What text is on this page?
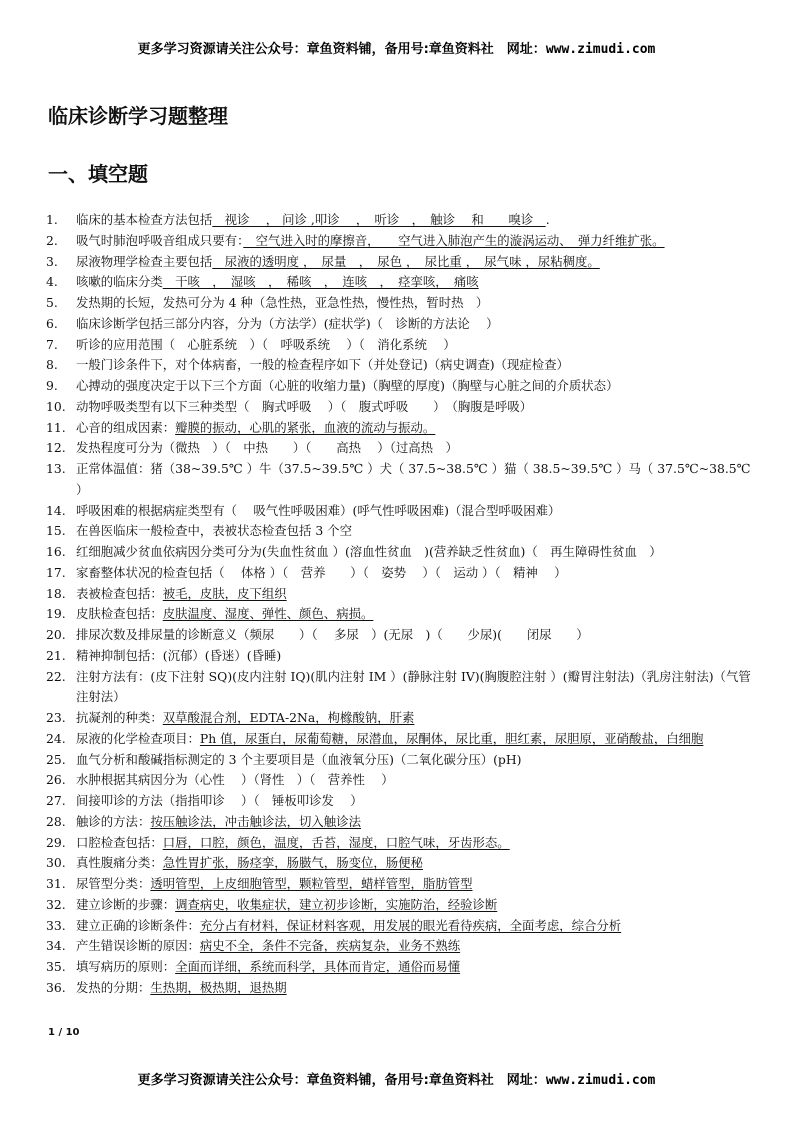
更多学习资源请关注公众号：章鱼资料铺，备用号:章鱼资料社　网址：www.zimudi.com
临床诊断学习题整理
一、填空题
1.	临床的基本检查方法包括　视诊　 ， 问诊 ,叩诊　 ，　听诊　，　触诊　 和　　嗅诊　.
2.	吸气时肺泡呼吸音组成只要有：　空气进入时的摩擦音，　　空气进入肺泡产生的漩涡运动、　弹力纤维扩张。
3.	尿液物理学检查主要包括　尿液的透明度 ，　尿量　，　尿色 ，　尿比重 ，　尿气味 ，尿粘稠度。
4.	咳嗽的临床分类　干咳　，　湿咳　，　稀咳　，　连咳　，　痉挛咳，　痛咳
5.	发热期的长短，发热可分为 4 种（急性热，亚急性热，慢性热，暂时热　）
6.	临床诊断学包括三部分内容，分为（方法学）(症状学)（　诊断的方法论　 ）
7.	听诊的应用范围（　心脏系统　）（　呼吸系统　 ）（　消化系统　 ）
8.	一般门诊条件下，对个体病畜，一般的检查程序如下（并处登记)（病史调查)（现症检查）
9.	心搏动的强度决定于以下三个方面（心脏的收缩力量)（胸壁的厚度)（胸壁与心脏之间的介质状态）
10. 动物呼吸类型有以下三种类型（　胸式呼吸　 ）（　腹式呼吸　　）　（胸腹是呼吸）
11. 心音的组成因素：瓣膜的振动，心肌的紧张，血液的流动与振动。
12. 发热程度可分为（微热　）（　中热　　）（　　高热　 ）（过高热　）
13. 正常体温值：猪（38~39.5℃ ）牛（37.5~39.5℃ ）犬（ 37.5~38.5℃ ）猫（ 38.5~39.5℃ ）马（ 37.5℃~38.5℃　　　）
14. 呼吸困难的根据病症类型有（　 吸气性呼吸困难）(呼气性呼吸困难)（混合型呼吸困难）
15. 在兽医临床一般检查中，表被状态检查包括 3 个空
16. 红细胞减少贫血依病因分类可分为(失血性贫血 ）(溶血性贫血　)(营养缺乏性贫血)（　再生障碍性贫血　）
17. 家畜整体状况的检查包括（　 体格 ）（　营养　　）（　姿势　 ）（　运动 ）（　精神　 ）
18. 表被检查包括：被毛，皮肤，皮下组织
19. 皮肤检查包括：皮肤温度、湿度、弹性、颜色、病损。
20. 排尿次数及排尿量的诊断意义（频尿　　）（　 多尿　）(无尿　)（　　少尿)(　　闭尿　　）
21. 精神抑制包括：(沉郁）(昏迷）(昏睡)
22. 注射方法有：(皮下注射 SQ)(皮内注射 IQ)(肌内注射 IM ）(静脉注射 IV)(胸腹腔注射 ）(瓣胃注射法)（乳房注射法)（气管注射法）
23. 抗凝剂的种类：双草酸混合剂，EDTA-2Na，枸橼酸钠，肝素
24. 尿液的化学检查项目：Ph 值，尿蛋白，尿葡萄糖，尿潜血，尿酮体，尿比重，胆红素，尿胆原，亚硝酸盐，白细胞
25. 血气分析和酸碱指标测定的 3 个主要项目是（血液氧分压)（二氧化碳分压）(pH)
26. 水肿根据其病因分为（心性　 ）（肾性　）（　营养性　 ）
27. 间接叩诊的方法（指指叩诊　 ）（　锤板叩诊发　 ）
28. 触诊的方法：按压触诊法，冲击触诊法，切入触诊法
29. 口腔检查包括：口唇，口腔，颜色，温度，舌苔，湿度，口腔气味，牙齿形态。
30. 真性腹痛分类：急性胃扩张，肠痉挛，肠臌气，肠变位，肠便秘
31. 尿管型分类：透明管型，上皮细胞管型，颗粒管型，蜡样管型，脂肪管型
32. 建立诊断的步骤：调查病史，收集症状，建立初步诊断，实施防治，经验诊断
33. 建立正确的诊断条件：充分占有材料，保证材料客观，用发展的眼光看待疾病，全面考虑，综合分析
34. 产生错误诊断的原因：病史不全，条件不完备，疾病复杂，业务不熟练
35. 填写病历的原则：全面而详细，系统而科学，具体而肯定，通俗而易懂
36. 发热的分期：生热期，极热期，退热期
1 / 10
更多学习资源请关注公众号：章鱼资料铺，备用号:章鱼资料社　网址：www.zimudi.com
